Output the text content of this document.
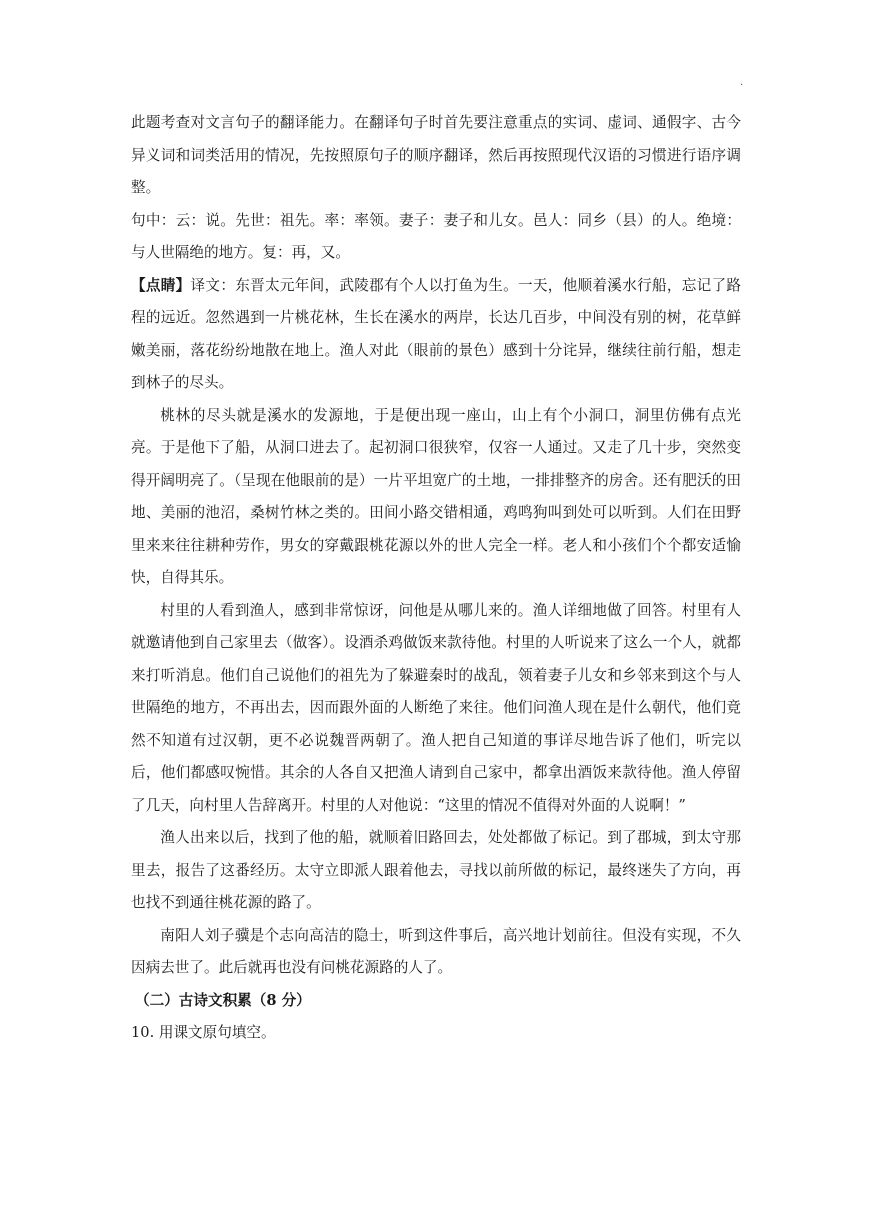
·

此题考查对文言句子的翻译能力。在翻译句子时首先要注意重点的实词、虚词、通假字、古今异义词和词类活用的情况，先按照原句子的顺序翻译，然后再按照现代汉语的习惯进行语序调整。

句中：云：说。先世：祖先。率：率领。妻子：妻子和儿女。邑人：同乡（县）的人。绝境：与人世隔绝的地方。复：再，又。

【点睛】译文：东晋太元年间，武陵郡有个人以打鱼为生。一天，他顺着溪水行船，忘记了路程的远近。忽然遇到一片桃花林，生长在溪水的两岸，长达几百步，中间没有别的树，花草鲜嫩美丽，落花纷纷地散在地上。渔人对此（眼前的景色）感到十分诧异，继续往前行船，想走到林子的尽头。

桃林的尽头就是溪水的发源地，于是便出现一座山，山上有个小洞口，洞里仿佛有点光亮。于是他下了船，从洞口进去了。起初洞口很狭窄，仅容一人通过。又走了几十步，突然变得开阔明亮了。（呈现在他眼前的是）一片平坦宽广的土地，一排排整齐的房舍。还有肥沃的田地、美丽的池沼，桑树竹林之类的。田间小路交错相通，鸡鸣狗叫到处可以听到。人们在田野里来来往往耕种劳作，男女的穿戴跟桃花源以外的世人完全一样。老人和小孩们个个都安适愉快，自得其乐。

村里的人看到渔人，感到非常惊讶，问他是从哪儿来的。渔人详细地做了回答。村里有人就邀请他到自己家里去（做客）。设酒杀鸡做饭来款待他。村里的人听说来了这么一个人，就都来打听消息。他们自己说他们的祖先为了躲避秦时的战乱，领着妻子儿女和乡邻来到这个与人世隔绝的地方，不再出去，因而跟外面的人断绝了来往。他们问渔人现在是什么朝代，他们竟然不知道有过汉朝，更不必说魏晋两朝了。渔人把自己知道的事详尽地告诉了他们，听完以后，他们都感叹惋惜。其余的人各自又把渔人请到自己家中，都拿出酒饭来款待他。渔人停留了几天，向村里人告辞离开。村里的人对他说：“这里的情况不值得对外面的人说啊！”

渔人出来以后，找到了他的船，就顺着旧路回去，处处都做了标记。到了郡城，到太守那里去，报告了这番经历。太守立即派人跟着他去，寻找以前所做的标记，最终迷失了方向，再也找不到通往桃花源的路了。

南阳人刘子骥是个志向高洁的隐士，听到这件事后，高兴地计划前往。但没有实现，不久因病去世了。此后就再也没有问桃花源路的人了。

（二）古诗文积累（8 分）

10. 用课文原句填空。
